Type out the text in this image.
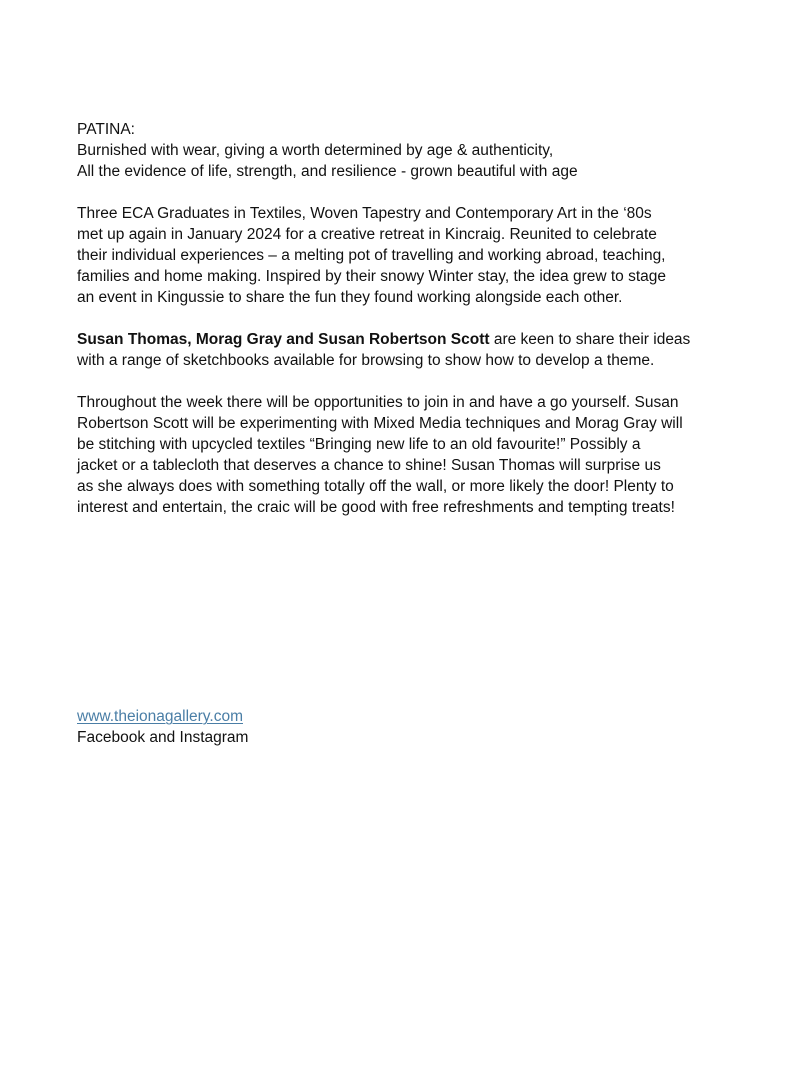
PATINA:
Burnished with wear, giving a worth determined by age & authenticity,
All the evidence of life, strength, and resilience - grown beautiful with age
Three ECA Graduates in Textiles, Woven Tapestry and Contemporary Art in the ‘80s
met up again in January 2024 for a creative retreat in Kincraig. Reunited to celebrate
their individual experiences – a melting pot of travelling and working abroad, teaching,
families and home making. Inspired by their snowy Winter stay, the idea grew to stage
an event in Kingussie to share the fun they found working alongside each other.
Susan Thomas, Morag Gray and Susan Robertson Scott are keen to share their ideas
with a range of sketchbooks available for browsing to show how to develop a theme.
Throughout the week there will be opportunities to join in and have a go yourself. Susan
Robertson Scott will be experimenting with Mixed Media techniques and Morag Gray will
be stitching with upcycled textiles “Bringing new life to an old favourite!” Possibly a
jacket or a tablecloth that deserves a chance to shine! Susan Thomas will surprise us
as she always does with something totally off the wall, or more likely the door! Plenty to
interest and entertain, the craic will be good with free refreshments and tempting treats!
www.theionagallery.com
Facebook and Instagram
